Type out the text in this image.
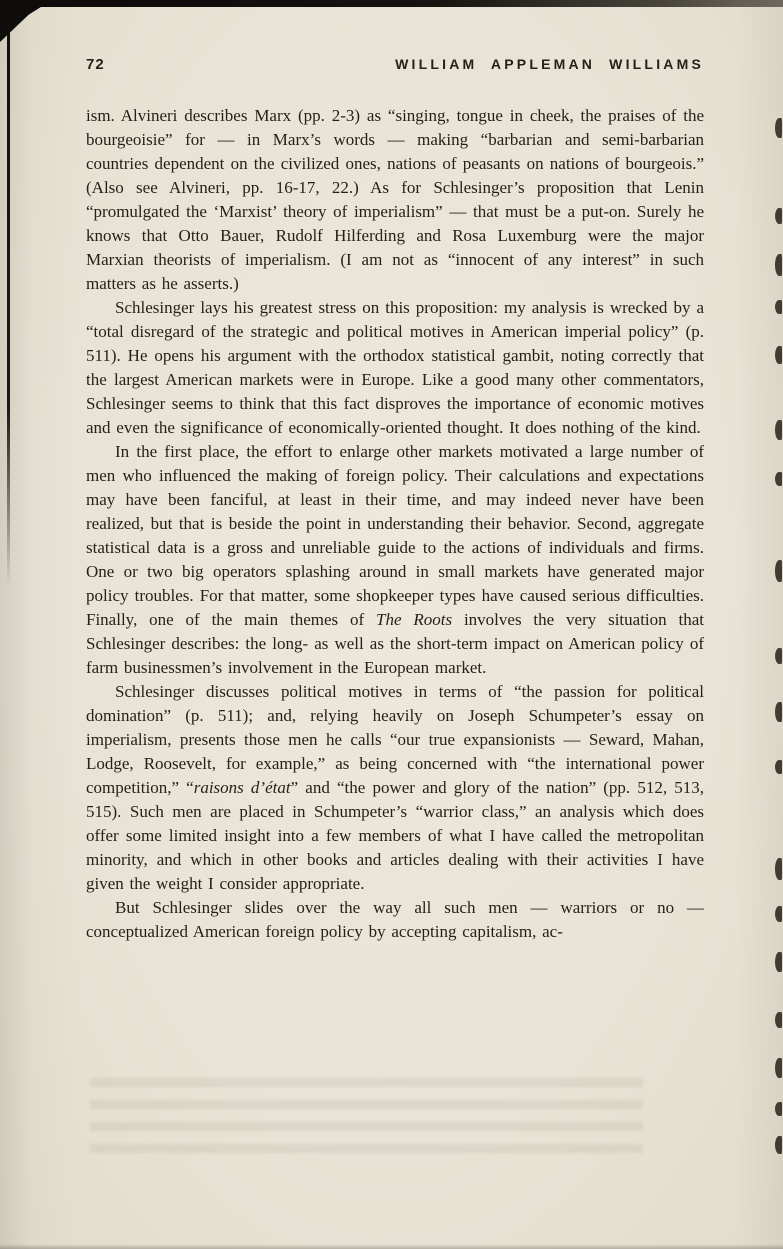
72	WILLIAM APPLEMAN WILLIAMS

ism. Alvineri describes Marx (pp. 2-3) as “singing, tongue in cheek, the praises of the bourgeoisie” for — in Marx’s words — making “barbarian and semi-barbarian countries dependent on the civilized ones, nations of peasants on nations of bourgeois.” (Also see Alvineri, pp. 16-17, 22.) As for Schlesinger’s proposition that Lenin “promulgated the ‘Marxist’ theory of imperialism” — that must be a put-on. Surely he knows that Otto Bauer, Rudolf Hilferding and Rosa Luxemburg were the major Marxian theorists of imperialism. (I am not as “innocent of any interest” in such matters as he asserts.)

Schlesinger lays his greatest stress on this proposition: my analysis is wrecked by a “total disregard of the strategic and political motives in American imperial policy” (p. 511). He opens his argument with the orthodox statistical gambit, noting correctly that the largest American markets were in Europe. Like a good many other commentators, Schlesinger seems to think that this fact disproves the importance of economic motives and even the significance of economically-oriented thought. It does nothing of the kind.

In the first place, the effort to enlarge other markets motivated a large number of men who influenced the making of foreign policy. Their calculations and expectations may have been fanciful, at least in their time, and may indeed never have been realized, but that is beside the point in understanding their behavior. Second, aggregate statistical data is a gross and unreliable guide to the actions of individuals and firms. One or two big operators splashing around in small markets have generated major policy troubles. For that matter, some shopkeeper types have caused serious difficulties. Finally, one of the main themes of The Roots involves the very situation that Schlesinger describes: the long- as well as the short-term impact on American policy of farm businessmen’s involvement in the European market.

Schlesinger discusses political motives in terms of “the passion for political domination” (p. 511); and, relying heavily on Joseph Schumpeter’s essay on imperialism, presents those men he calls “our true expansionists — Seward, Mahan, Lodge, Roosevelt, for example,” as being concerned with “the international power competition,” “raisons d’état” and “the power and glory of the nation” (pp. 512, 513, 515). Such men are placed in Schumpeter’s “warrior class,” an analysis which does offer some limited insight into a few members of what I have called the metropolitan minority, and which in other books and articles dealing with their activities I have given the weight I consider appropriate.

But Schlesinger slides over the way all such men — warriors or no — conceptualized American foreign policy by accepting capitalism, ac-
